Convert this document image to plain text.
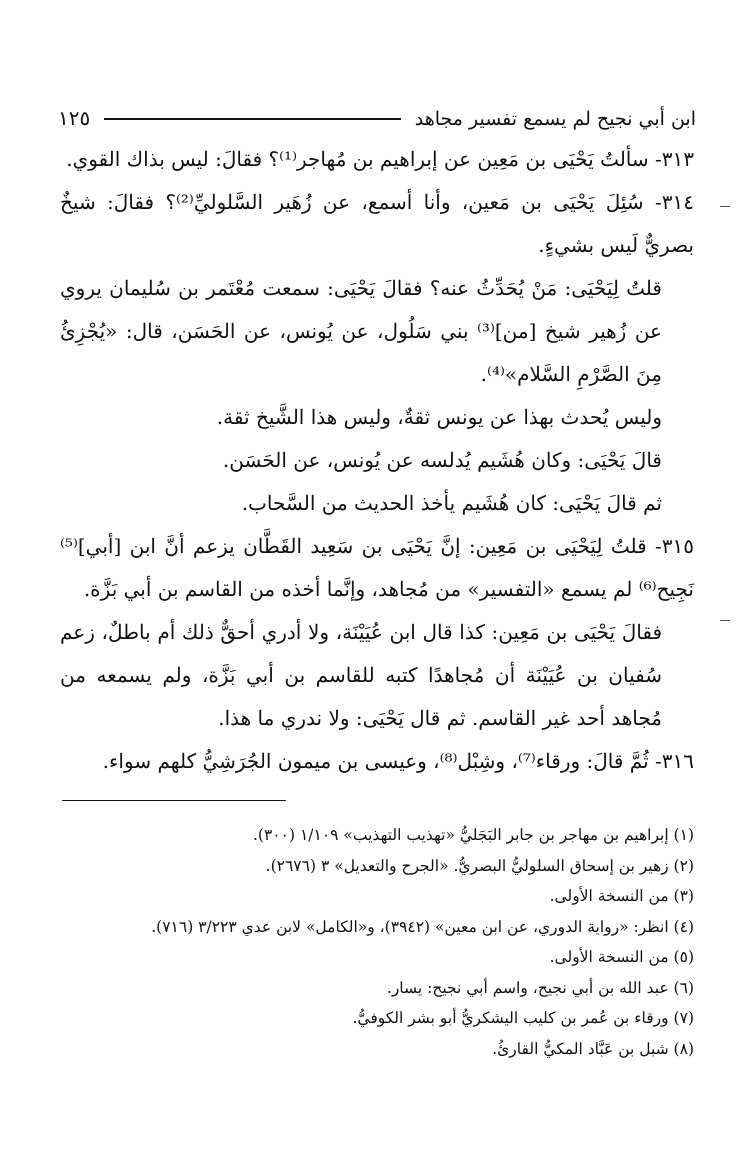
ابن أبي نجيح لم يسمع تفسير مجاهد
١٢٥

٣١٣- سألتُ يَحْيَى بن مَعِين عن إبراهيم بن مُهاجر⁽¹⁾؟ فقالَ: ليس بذاك القوي.

٣١٤- سُئِلَ يَحْيَى بن مَعين، وأنا أسمع، عن زُهَير السَّلوليِّ⁽²⁾؟ فقالَ: شيخٌ بصريٌّ لَيس بشيءٍ.

قلتُ لِيَحْيَى: مَنْ يُحَدِّثُ عنه؟ فقالَ يَحْيَى: سمعت مُعْتَمر بن سُليمان يروي عن زُهير شيخ [من]⁽³⁾ بني سَلُول، عن يُونس، عن الحَسَن، قال: «يُجْزِئُ مِنَ الصَّرْمِ السَّلام»⁽⁴⁾.

وليس يُحدث بهذا عن يونس ثقةٌ، وليس هذا الشَّيخ ثقة.

قالَ يَحْيَى: وكان هُشَيم يُدلسه عن يُونس، عن الحَسَن.

ثم قالَ يَحْيَى: كان هُشَيم يأخذ الحديث من السَّحاب.

٣١٥- قلتُ لِيَحْيَى بن مَعِين: إنَّ يَحْيَى بن سَعِيد القَطَّان يزعم أنَّ ابن [أبي]⁽⁵⁾ نَجِيح⁽⁶⁾ لم يسمع «التفسير» من مُجاهد، وإنَّما أخذه من القاسم بن أبي بَزَّة.

فقالَ يَحْيَى بن مَعِين: كذا قال ابن عُيَيْنَة، ولا أدري أحقٌّ ذلك أم باطلٌ، زعم سُفيان بن عُيَيْنَة أن مُجاهدًا كتبه للقاسم بن أبي بَزَّة، ولم يسمعه من مُجاهد أحد غير القاسم. ثم قال يَحْيَى: ولا ندري ما هذا.

٣١٦- ثُمَّ قالَ: ورقاء⁽⁷⁾، وشِبْل⁽⁸⁾، وعيسى بن ميمون الجُرَشِيُّ كلهم سواء.

(١) إبراهيم بن مهاجر بن جابر البَجَليُّ «تهذيب التهذيب» ١/١٠٩ (٣٠٠).

(٢) زهير بن إسحاق السلوليُّ البصريُّ. «الجرح والتعديل» ٣ (٢٦٧٦).

(٣) من النسخة الأولى.

(٤) انظر: «رواية الدوري، عن ابن معين» (٣٩٤٢)، و«الكامل» لابن عدي ٣/٢٢٣ (٧١٦).

(٥) من النسخة الأولى.

(٦) عبد الله بن أبي نجيح، واسم أبي نجيح: يسار.

(٧) ورقاء بن عُمر بن كليب اليشكريُّ أبو بشر الكوفيُّ.

(٨) شبل بن عَبَّاد المكيُّ القارئُ.
